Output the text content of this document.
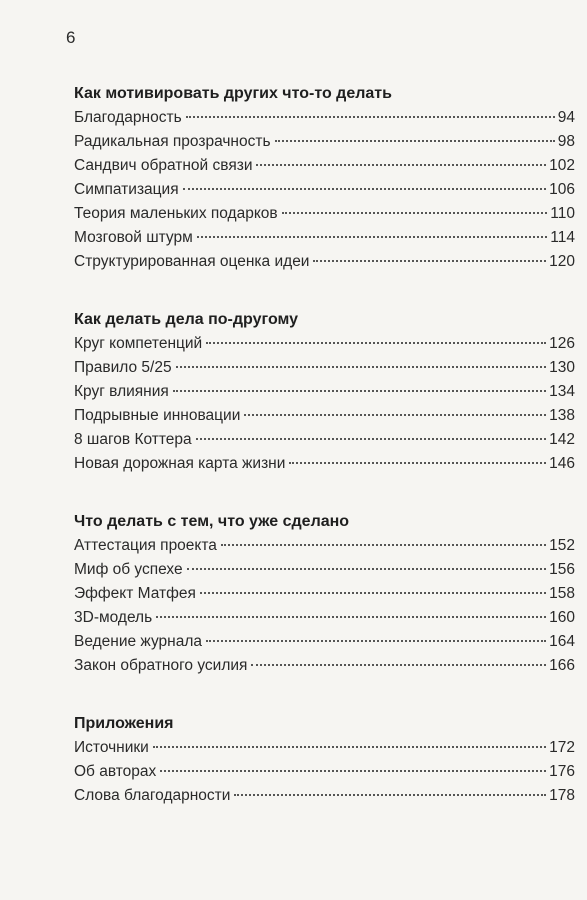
6
Как мотивировать других что-то делать
Благодарность	94
Радикальная прозрачность	98
Сандвич обратной связи	102
Симпатизация	106
Теория маленьких подарков	110
Мозговой штурм	114
Структурированная оценка идеи	120
Как делать дела по-другому
Круг компетенций	126
Правило 5/25	130
Круг влияния	134
Подрывные инновации	138
8 шагов Коттера	142
Новая дорожная карта жизни	146
Что делать с тем, что уже сделано
Аттестация проекта	152
Миф об успехе	156
Эффект Матфея	158
3D-модель	160
Ведение журнала	164
Закон обратного усилия	166
Приложения
Источники	172
Об авторах	176
Слова благодарности	178
